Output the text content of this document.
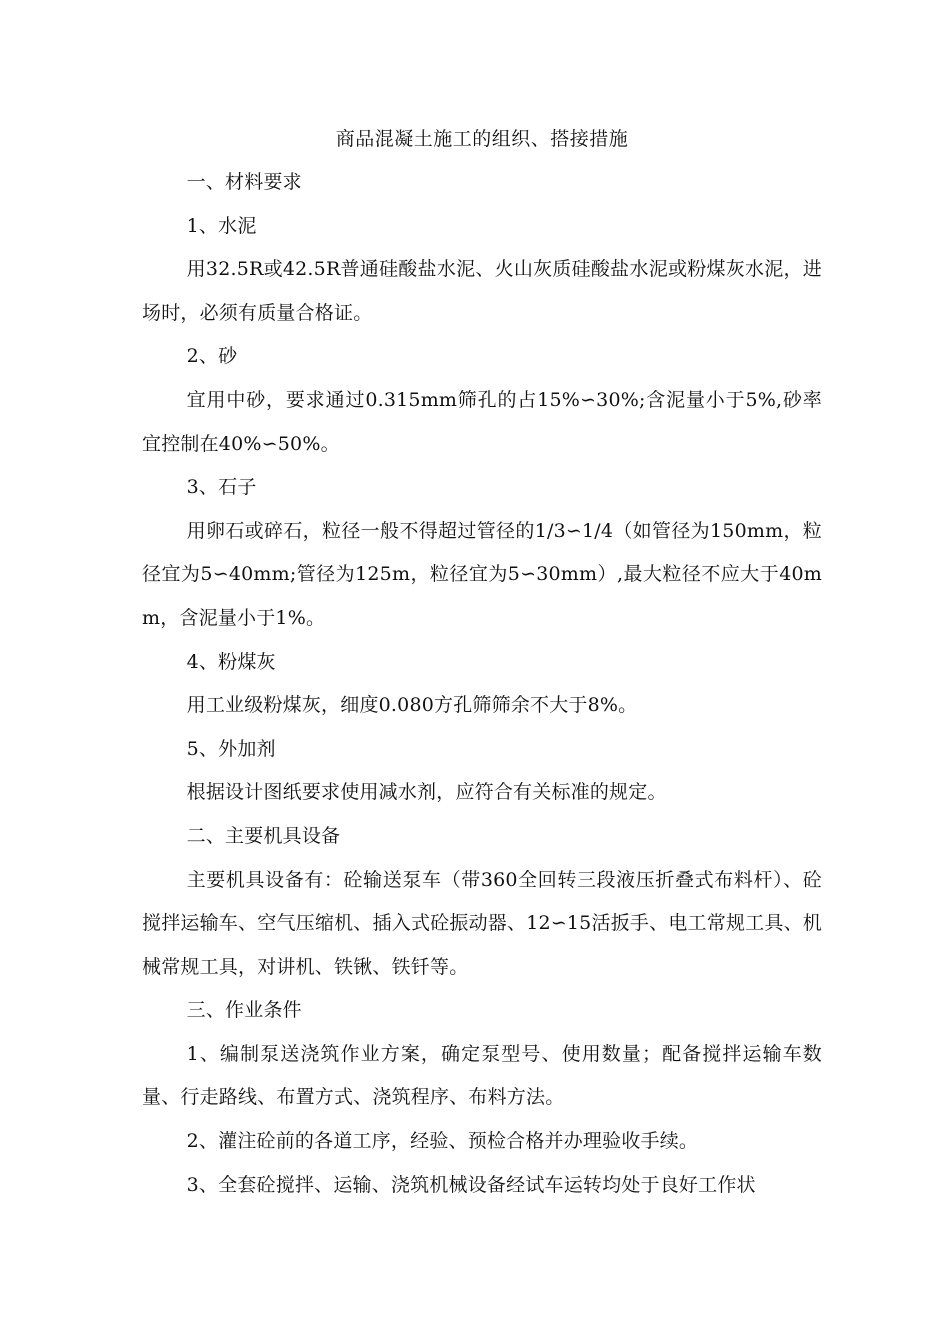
商品混凝土施工的组织、搭接措施

一、材料要求

1、水泥

用32.5R或42.5R普通硅酸盐水泥、火山灰质硅酸盐水泥或粉煤灰水泥，进场时，必须有质量合格证。

2、砂

宜用中砂，要求通过0.315mm筛孔的占15%∽30%;含泥量小于5%,砂率宜控制在40%∽50%。

3、石子

用卵石或碎石，粒径一般不得超过管径的1/3∽1/4（如管径为150mm，粒径宜为5∽40mm;管径为125m，粒径宜为5∽30mm）,最大粒径不应大于40mm，含泥量小于1%。

4、粉煤灰

用工业级粉煤灰，细度0.080方孔筛筛余不大于8%。

5、外加剂

根据设计图纸要求使用减水剂，应符合有关标准的规定。

二、主要机具设备

主要机具设备有：砼输送泵车（带360全回转三段液压折叠式布料杆）、砼搅拌运输车、空气压缩机、插入式砼振动器、12∽15活扳手、电工常规工具、机械常规工具，对讲机、铁锹、铁钎等。

三、作业条件

1、编制泵送浇筑作业方案，确定泵型号、使用数量；配备搅拌运输车数量、行走路线、布置方式、浇筑程序、布料方法。

2、灌注砼前的各道工序，经验、预检合格并办理验收手续。

3、全套砼搅拌、运输、浇筑机械设备经试车运转均处于良好工作状
